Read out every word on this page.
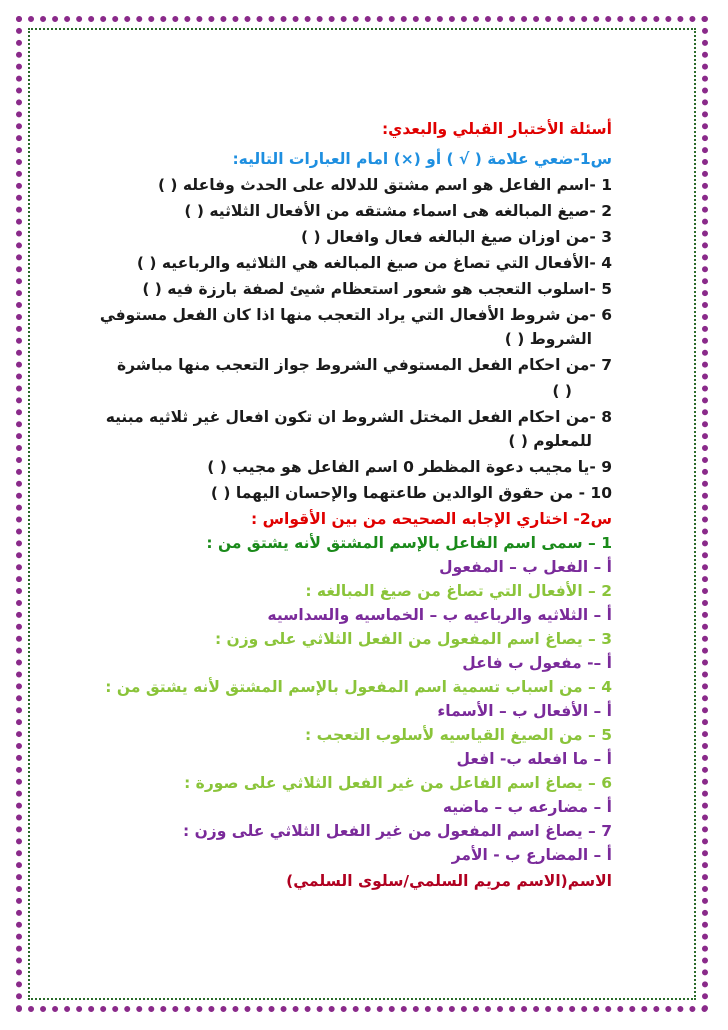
أسئلة الأختبار القبلي والبعدي:
س1-ضعي علامة ( √ ) أو (×) امام العبارات التاليه:
1 -اسم الفاعل هو اسم مشتق للدلاله على الحدث وفاعله ( )
2 -صيغ المبالغه هى اسماء مشتقه من الأفعال الثلاثيه ( )
3 -من اوزان صيغ البالغه فعال وافعال ( )
4 -الأفعال التي تصاغ من صيغ المبالغه هي الثلاثيه والرباعيه ( )
5 -اسلوب التعجب هو شعور استعظام شيئ لصفة بارزة فيه ( )
6 -من شروط الأفعال التي يراد التعجب منها اذا كان الفعل مستوفي
الشروط ( )
7 -من احكام الفعل المستوفي الشروط جواز التعجب منها مباشرة
( )
8 -من احكام الفعل المختل الشروط ان تكون افعال غير ثلاثيه مبنيه
للمعلوم ( )
9 -يا مجيب دعوة المظطر 0 اسم الفاعل هو مجيب ( )
10 - من حقوق الوالدين طاعتهما والإحسان اليهما ( )
س2- اختاري الإجابه الصحيحه من بين الأقواس :
1 – سمى اسم الفاعل بالإسم المشتق لأنه يشتق من :
أ – الفعل ب – المفعول
2 – الأفعال التي تصاغ من صيغ المبالغه :
أ – الثلاثيه والرباعيه ب – الخماسيه والسداسيه
3 – يصاغ اسم المفعول من الفعل الثلاثي على وزن :
أ –- مفعول ب فاعل
4 – من اسباب تسمية اسم المفعول بالإسم المشتق لأنه يشتق من :
أ – الأفعال ب – الأسماء
5 – من الصيغ القياسيه لأسلوب التعجب :
أ – ما افعله ب- افعل
6 – يصاغ اسم الفاعل من غير الفعل الثلاثي على صورة :
أ – مضارعه ب – ماضيه
7 – يصاغ اسم المفعول من غير الفعل الثلاثي على وزن :
أ – المضارع ب - الأمر
الاسم(الاسم مريم السلمي/سلوى السلمي)
